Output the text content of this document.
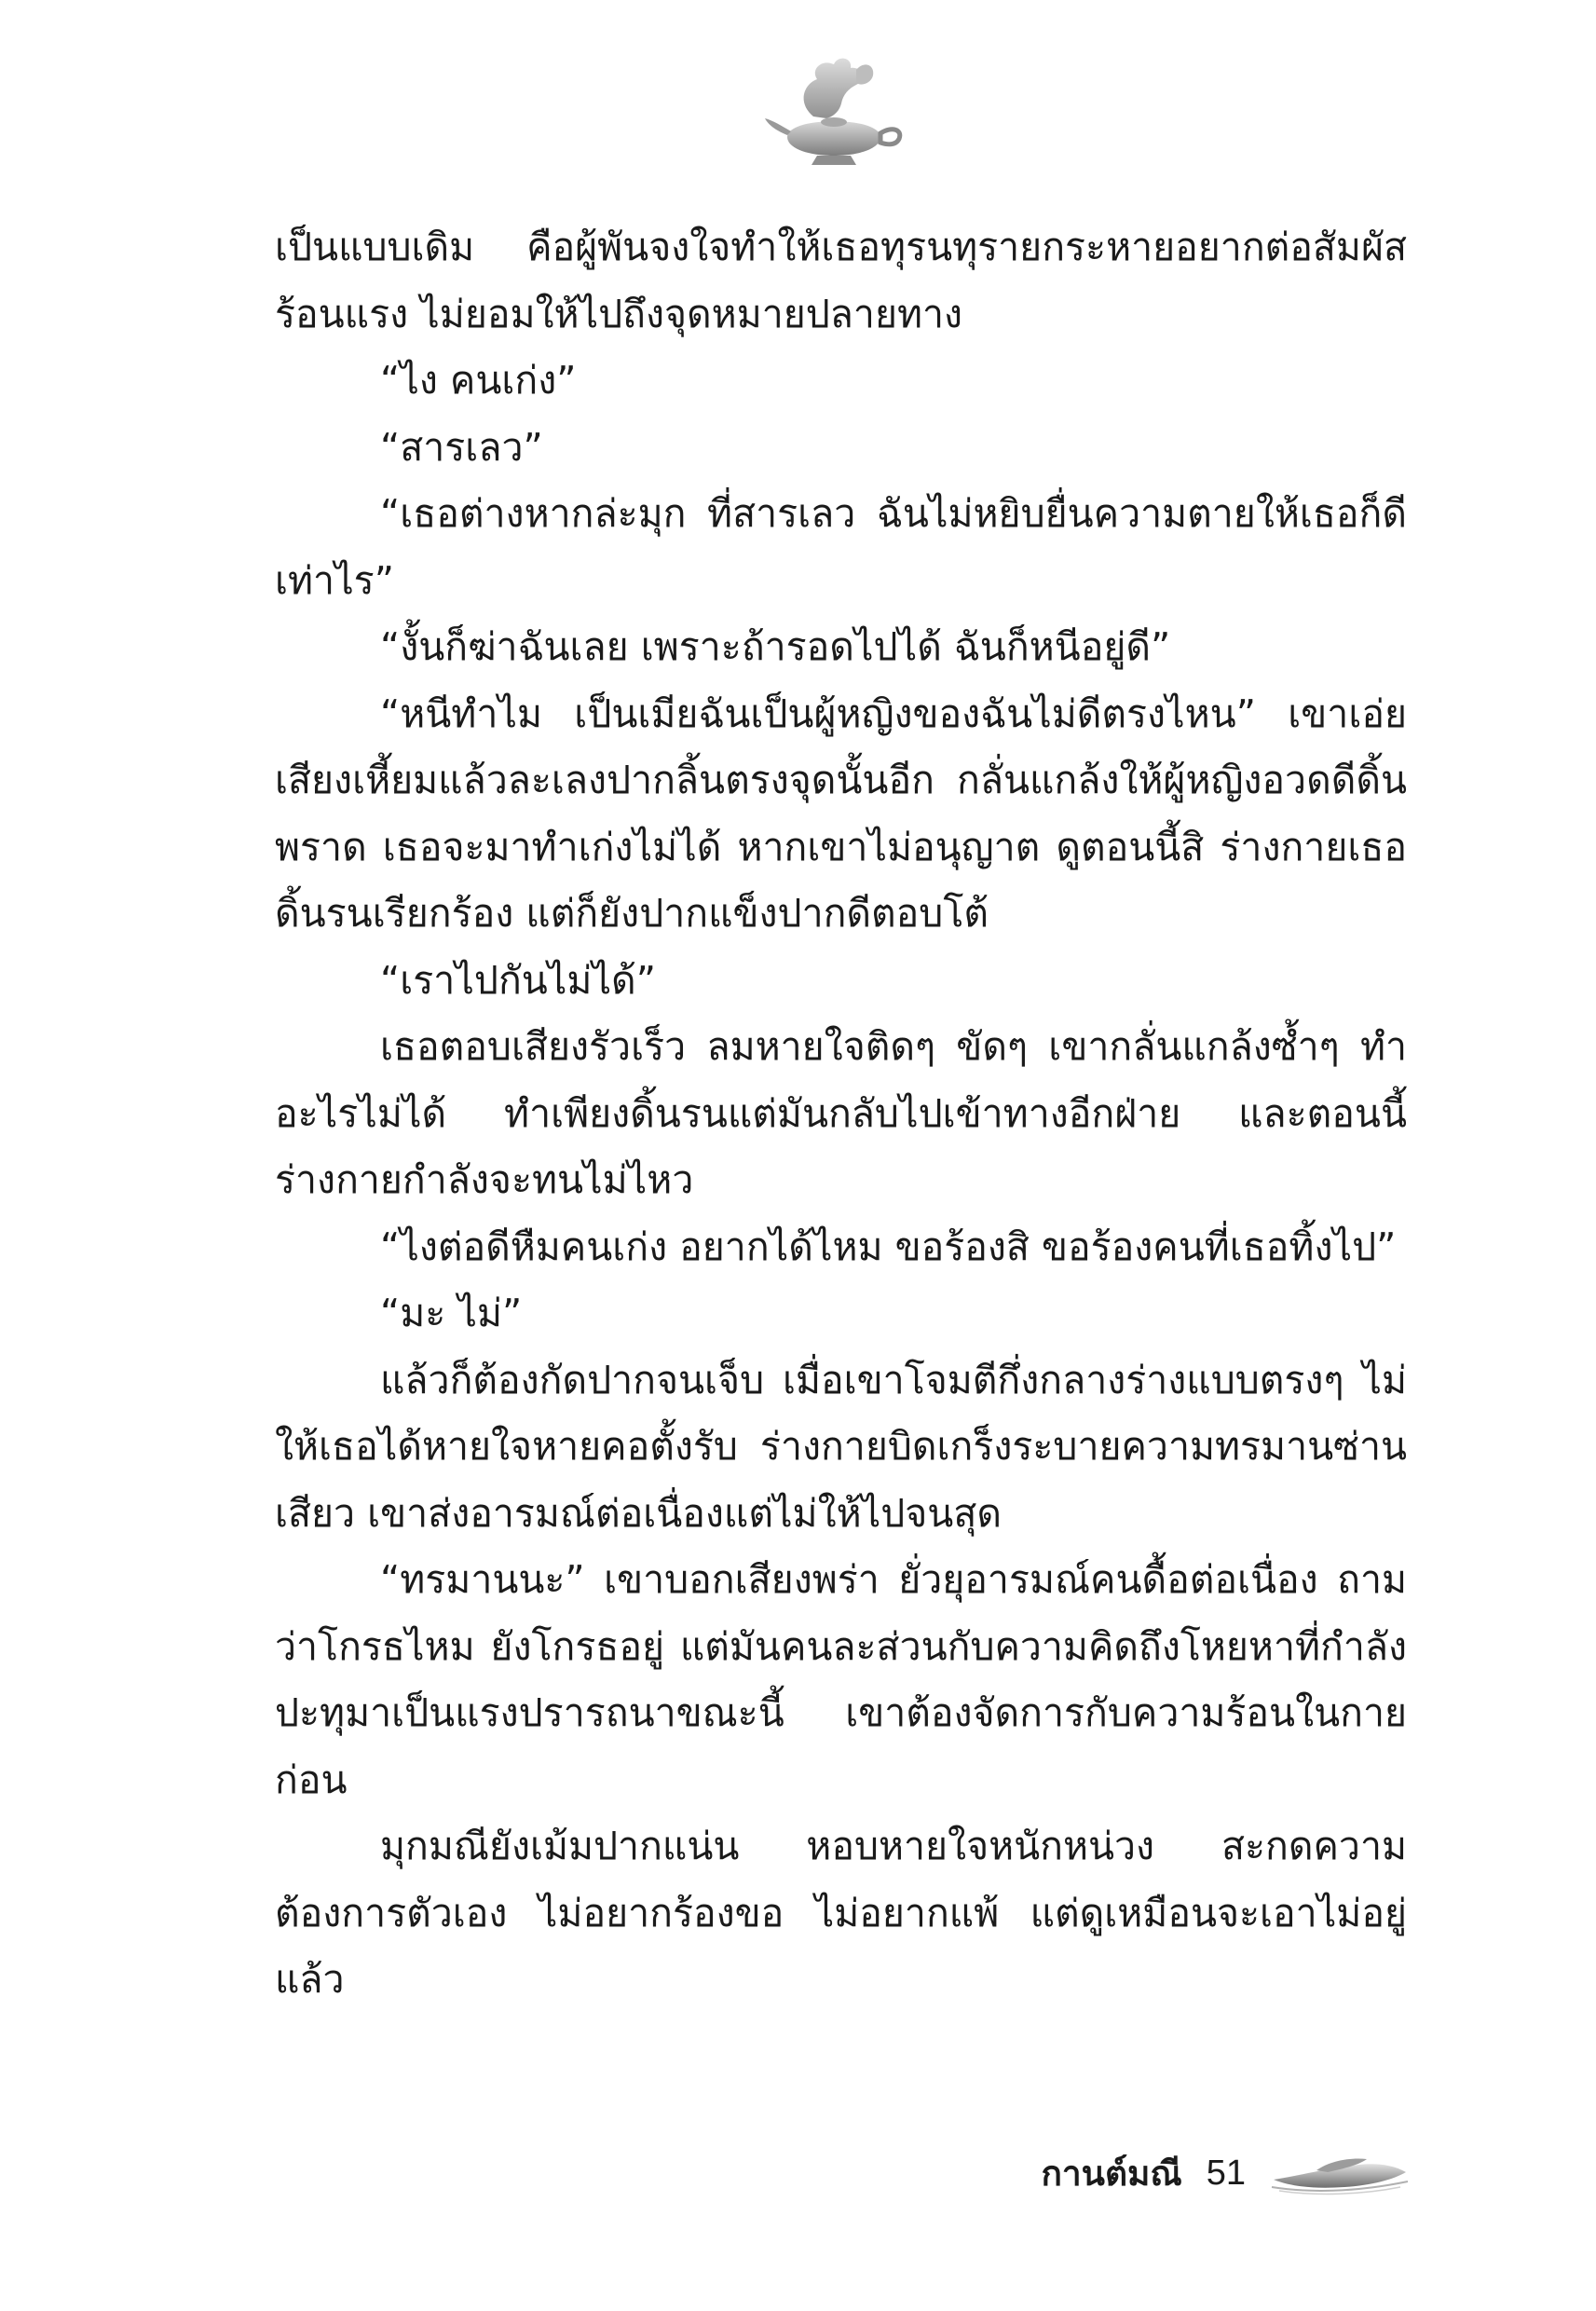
เป็นแบบเดิม คือผู้พันจงใจทำให้เธอทุรนทุรายกระหายอยากต่อสัมผัสร้อนแรง ไม่ยอมให้ไปถึงจุดหมายปลายทาง

“ไง คนเก่ง”

“สารเลว”

“เธอต่างหากล่ะมุก ที่สารเลว ฉันไม่หยิบยื่นความตายให้เธอก็ดีเท่าไร”

“งั้นก็ฆ่าฉันเลย เพราะถ้ารอดไปได้ ฉันก็หนีอยู่ดี”

“หนีทำไม เป็นเมียฉันเป็นผู้หญิงของฉันไม่ดีตรงไหน” เขาเอ่ยเสียงเหี้ยมแล้วละเลงปากลิ้นตรงจุดนั้นอีก กลั่นแกล้งให้ผู้หญิงอวดดีดิ้นพราด เธอจะมาทำเก่งไม่ได้ หากเขาไม่อนุญาต ดูตอนนี้สิ ร่างกายเธอดิ้นรนเรียกร้อง แต่ก็ยังปากแข็งปากดีตอบโต้

“เราไปกันไม่ได้”

เธอตอบเสียงรัวเร็ว ลมหายใจติดๆ ขัดๆ เขากลั่นแกล้งซ้ำๆ ทำอะไรไม่ได้ ทำเพียงดิ้นรนแต่มันกลับไปเข้าทางอีกฝ่าย และตอนนี้ร่างกายกำลังจะทนไม่ไหว

“ไงต่อดีหืมคนเก่ง อยากได้ไหม ขอร้องสิ ขอร้องคนที่เธอทิ้งไป”

“มะ ไม่”

แล้วก็ต้องกัดปากจนเจ็บ เมื่อเขาโจมตีกึ่งกลางร่างแบบตรงๆ ไม่ให้เธอได้หายใจหายคอตั้งรับ ร่างกายบิดเกร็งระบายความทรมานซ่านเสียว เขาส่งอารมณ์ต่อเนื่องแต่ไม่ให้ไปจนสุด

“ทรมานนะ” เขาบอกเสียงพร่า ยั่วยุอารมณ์คนดื้อต่อเนื่อง ถามว่าโกรธไหม ยังโกรธอยู่ แต่มันคนละส่วนกับความคิดถึงโหยหาที่กำลังปะทุมาเป็นแรงปรารถนาขณะนี้ เขาต้องจัดการกับความร้อนในกายก่อน

มุกมณียังเม้มปากแน่น หอบหายใจหนักหน่วง สะกดความต้องการตัวเอง ไม่อยากร้องขอ ไม่อยากแพ้ แต่ดูเหมือนจะเอาไม่อยู่แล้ว

กานต์มณี 51
